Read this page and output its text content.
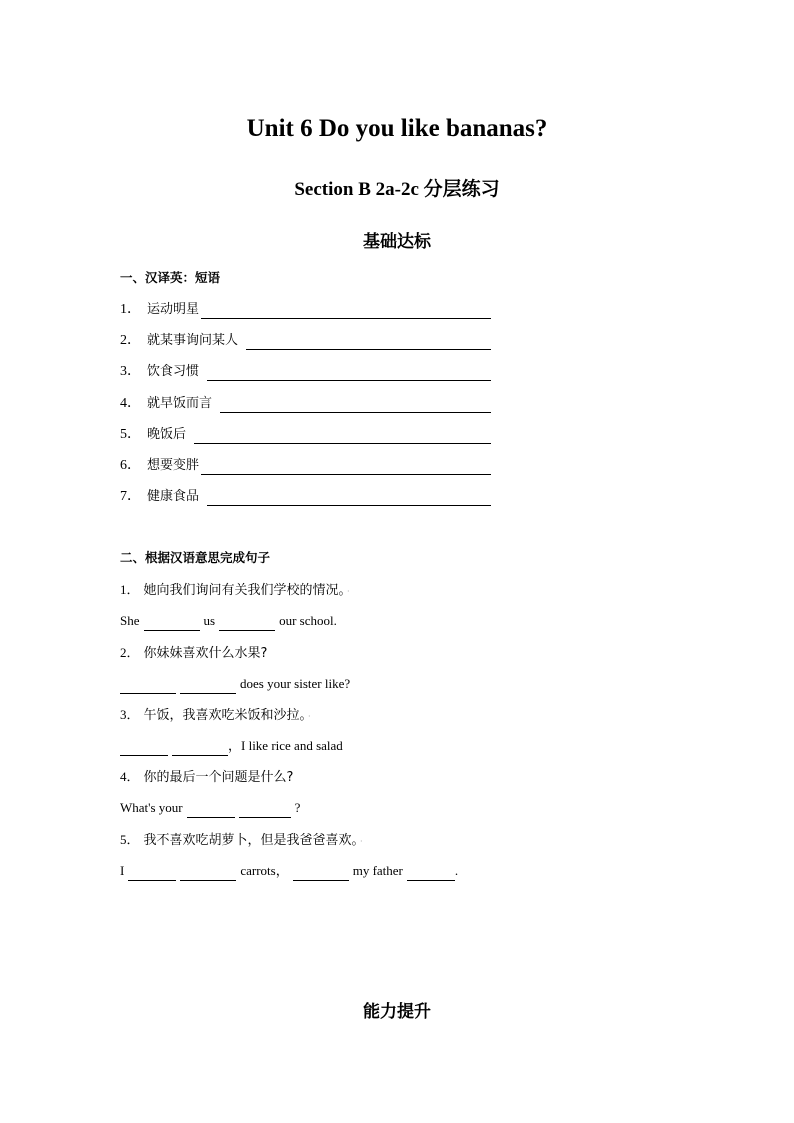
Unit 6 Do you like bananas?
Section B 2a-2c 分层练习
基础达标
一、汉译英：短语
1． 运动明星
2． 就某事询问某人
3． 饮食习惯
4． 就早饭而言
5． 晚饭后
6． 想要变胖
7． 健康食品
二、根据汉语意思完成句子
1． 她向我们询问有关我们学校的情况。 ·
She	us	our school.
2． 你妹妹喜欢什么水果?
does your sister like?
3． 午饭，我喜欢吃米饭和沙拉。 ·
，I like rice and salad
4． 你的最后一个问题是什么?
What's your	?
5． 我不喜欢吃胡萝卜，但是我爸爸喜欢。 ·
I	carrots，	my father	.
能力提升
